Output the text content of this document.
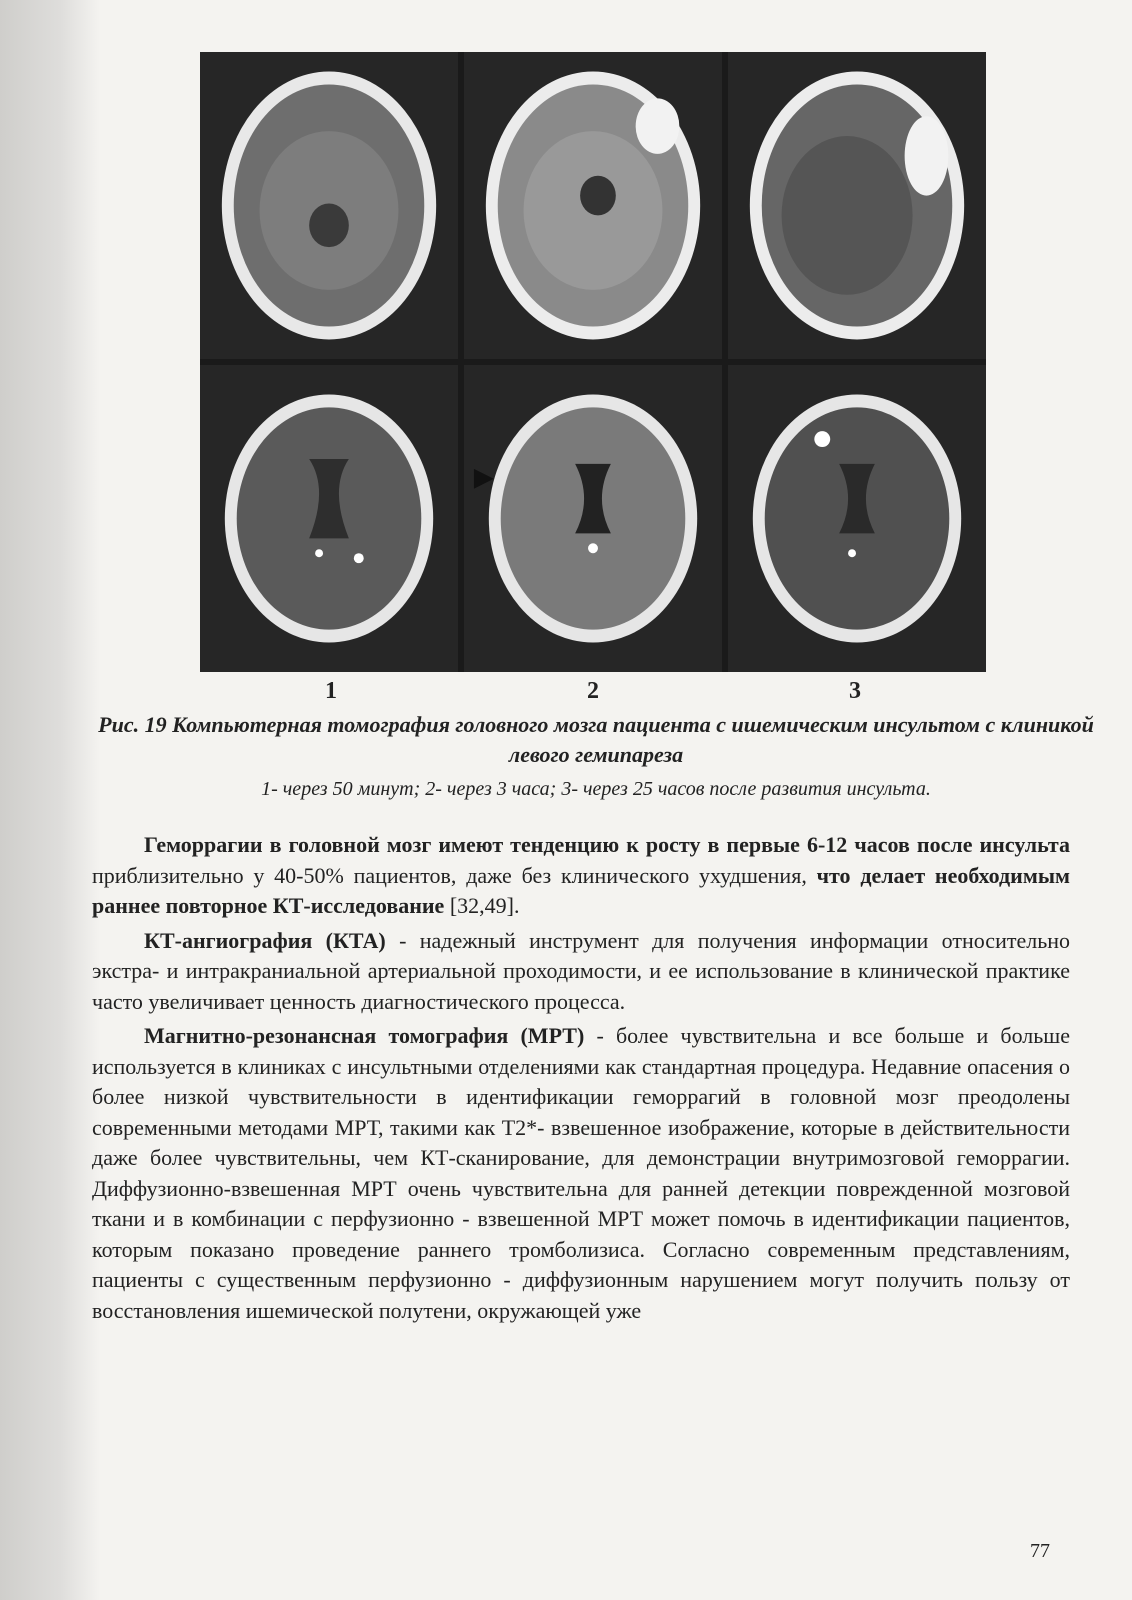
1	2	3
Рис. 19 Компьютерная томография головного мозга пациента с ишемическим инсультом с клиникой левого гемипареза
1- через 50 минут; 2- через 3 часа; 3- через 25 часов после развития инсульта.

Геморрагии в головной мозг имеют тенденцию к росту в первые 6-12 часов после инсульта приблизительно у 40-50% пациентов, даже без клинического ухудшения, что делает необходимым раннее повторное КТ-исследование [32,49].

КТ-ангиография (КТА) - надежный инструмент для получения информации относительно экстра- и интракраниальной артериальной проходимости, и ее использование в клинической практике часто увеличивает ценность диагностического процесса.

Магнитно-резонансная томография (МРТ) - более чувствительна и все больше и больше используется в клиниках с инсультными отделениями как стандартная процедура. Недавние опасения о более низкой чувствительности в идентификации геморрагий в головной мозг преодолены современными методами МРТ, такими как Т2*- взвешенное изображение, которые в действительности даже более чувствительны, чем КТ-сканирование, для демонстрации внутримозговой геморрагии. Диффузионно-взвешенная МРТ очень чувствительна для ранней детекции поврежденной мозговой ткани и в комбинации с перфузионно - взвешенной МРТ может помочь в идентификации пациентов, которым показано проведение раннего тромболизиса. Согласно современным представлениям, пациенты с существенным перфузионно - диффузионным нарушением могут получить пользу от восстановления ишемической полутени, окружающей уже

77
